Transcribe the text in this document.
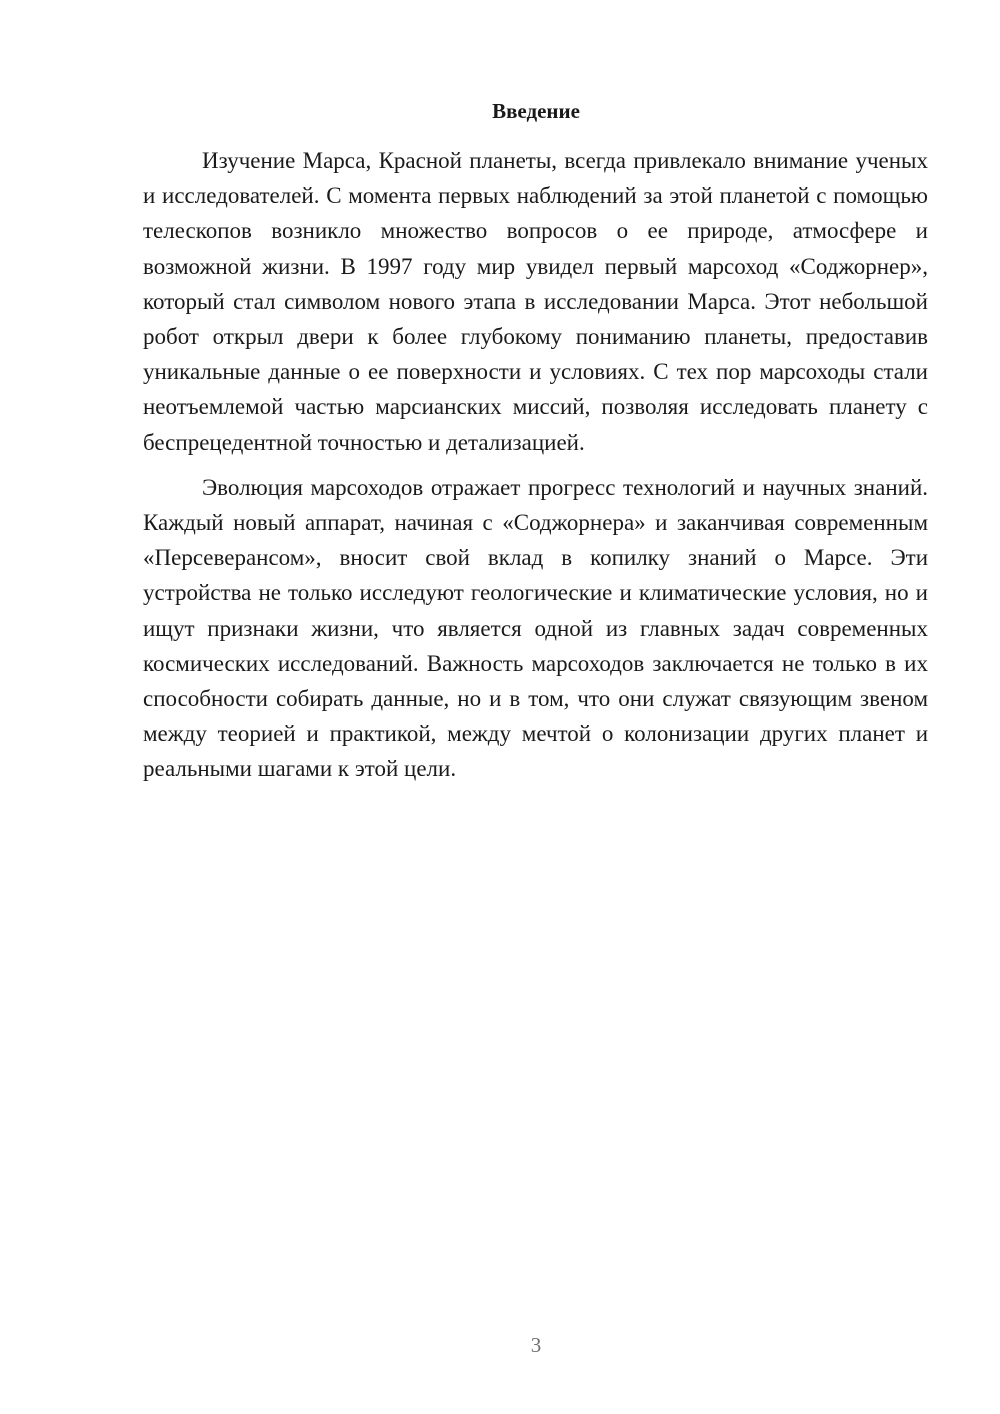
Введение

Изучение Марса, Красной планеты, всегда привлекало внимание ученых и исследователей. С момента первых наблюдений за этой планетой с помощью телескопов возникло множество вопросов о ее природе, атмосфере и возможной жизни. В 1997 году мир увидел первый марсоход «Соджорнер», который стал символом нового этапа в исследовании Марса. Этот небольшой робот открыл двери к более глубокому пониманию планеты, предоставив уникальные данные о ее поверхности и условиях. С тех пор марсоходы стали неотъемлемой частью марсианских миссий, позволяя исследовать планету с беспрецедентной точностью и детализацией.

Эволюция марсоходов отражает прогресс технологий и научных знаний. Каждый новый аппарат, начиная с «Соджорнера» и заканчивая современным «Персеверансом», вносит свой вклад в копилку знаний о Марсе. Эти устройства не только исследуют геологические и климатические условия, но и ищут признаки жизни, что является одной из главных задач современных космических исследований. Важность марсоходов заключается не только в их способности собирать данные, но и в том, что они служат связующим звеном между теорией и практикой, между мечтой о колонизации других планет и реальными шагами к этой цели.

3
